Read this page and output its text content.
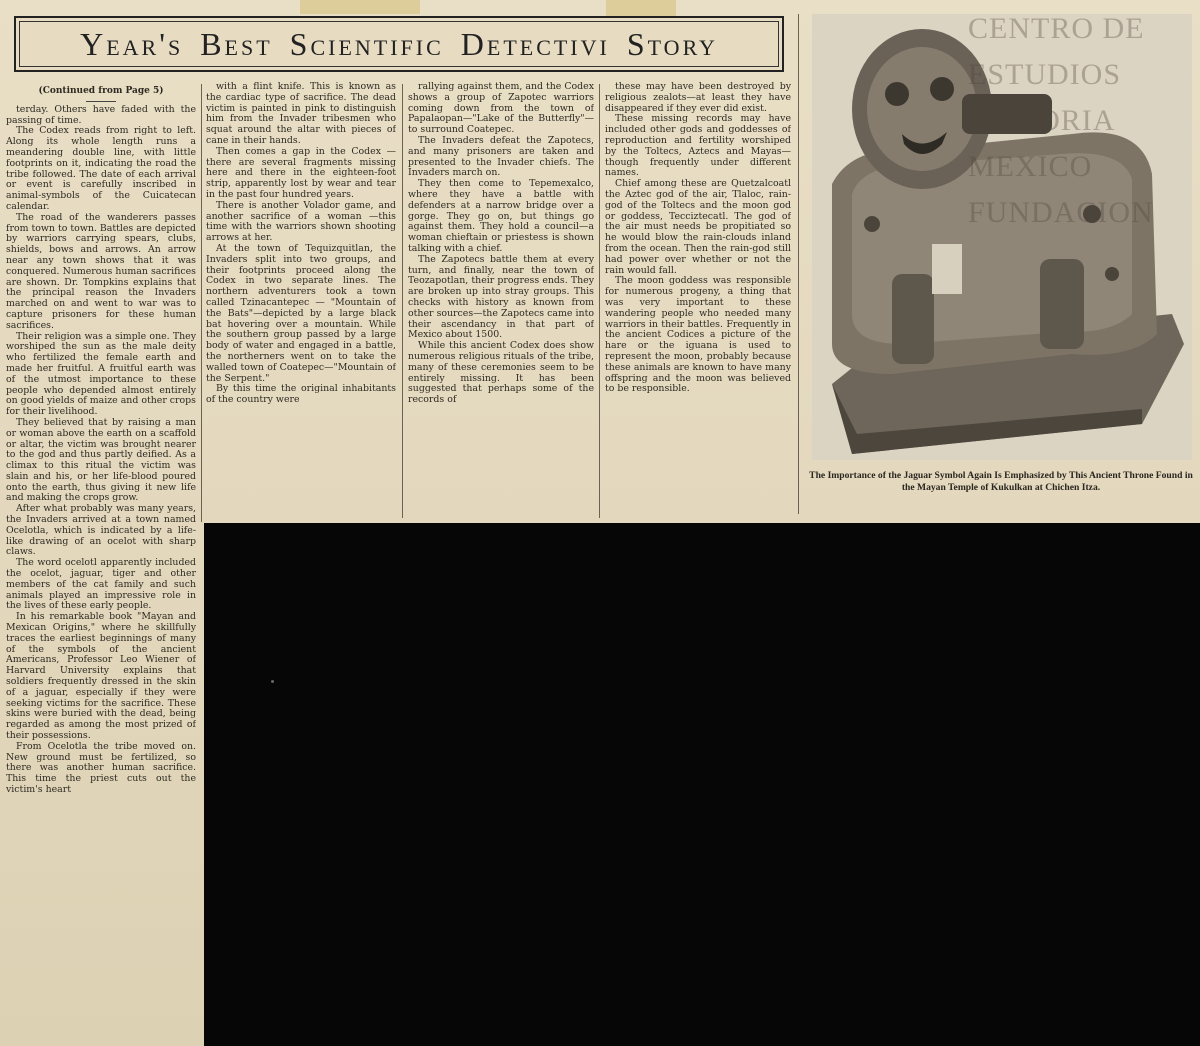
Year's Best Scientific Detectivi Story

(Continued from Page 5)

terday. Others have faded with the passing of time.

The Codex reads from right to left. Along its whole length runs a meandering double line, with little footprints on it, indicating the road the tribe followed. The date of each arrival or event is carefully inscribed in animal-symbols of the Cuicatecan calendar.

The road of the wanderers passes from town to town. Battles are depicted by warriors carrying spears, clubs, shields, bows and arrows. An arrow near any town shows that it was conquered. Numerous human sacrifices are shown. Dr. Tompkins explains that the principal reason the Invaders marched on and went to war was to capture prisoners for these human sacrifices.

Their religion was a simple one. They worshiped the sun as the male deity who fertilized the female earth and made her fruitful. A fruitful earth was of the utmost importance to these people who depended almost entirely on good yields of maize and other crops for their livelihood.

They believed that by raising a man or woman above the earth on a scaffold or altar, the victim was brought nearer to the god and thus partly deified. As a climax to this ritual the victim was slain and his, or her life-blood poured onto the earth, thus giving it new life and making the crops grow.

After what probably was many years, the Invaders arrived at a town named Ocelotla, which is indicated by a life-like drawing of an ocelot with sharp claws.

The word ocelotl apparently included the ocelot, jaguar, tiger and other members of the cat family and such animals played an impressive role in the lives of these early people.

In his remarkable book "Mayan and Mexican Origins," where he skillfully traces the earliest beginnings of many of the symbols of the ancient Americans, Professor Leo Wiener of Harvard University explains that soldiers frequently dressed in the skin of a jaguar, especially if they were seeking victims for the sacrifice. These skins were buried with the dead, being regarded as among the most prized of their possessions.

From Ocelotla the tribe moved on. New ground must be fertilized, so there was another human sacrifice. This time the priest cuts out the victim's heart

with a flint knife. This is known as the cardiac type of sacrifice. The dead victim is painted in pink to distinguish him from the Invader tribesmen who squat around the altar with pieces of cane in their hands.

Then comes a gap in the Codex —there are several fragments missing here and there in the eighteen-foot strip, apparently lost by wear and tear in the past four hundred years.

There is another Volador game, and another sacrifice of a woman —this time with the warriors shown shooting arrows at her.

At the town of Tequizquitlan, the Invaders split into two groups, and their footprints proceed along the Codex in two separate lines. The northern adventurers took a town called Tzinacantepec — "Mountain of the Bats"—depicted by a large black bat hovering over a mountain. While the southern group passed by a large body of water and engaged in a battle, the northerners went on to take the walled town of Coatepec—"Mountain of the Serpent."

By this time the original inhabitants of the country were

rallying against them, and the Codex shows a group of Zapotec warriors coming down from the town of Papalaopan—"Lake of the Butterfly"—to surround Coatepec.

The Invaders defeat the Zapotecs, and many prisoners are taken and presented to the Invader chiefs. The Invaders march on.

They then come to Tepemexalco, where they have a battle with defenders at a narrow bridge over a gorge. They go on, but things go against them. They hold a council—a woman chieftain or priestess is shown talking with a chief.

The Zapotecs battle them at every turn, and finally, near the town of Teozapotlan, their progress ends. They are broken up into stray groups. This checks with history as known from other sources—the Zapotecs came into their ascendancy in that part of Mexico about 1500.

While this ancient Codex does show numerous religious rituals of the tribe, many of these ceremonies seem to be entirely missing. It has been suggested that perhaps some of the records of

these may have been destroyed by religious zealots—at least they have disappeared if they ever did exist.

These missing records may have included other gods and goddesses of reproduction and fertility worshiped by the Toltecs, Aztecs and Mayas—though frequently under different names.

Chief among these are Quetzalcoatl the Aztec god of the air, Tlaloc, rain-god of the Toltecs and the moon god or goddess, Tecciztecatl. The god of the air must needs be propitiated so he would blow the rain-clouds inland from the ocean. Then the rain-god still had power over whether or not the rain would fall.

The moon goddess was responsible for numerous progeny, a thing that was very important to these wandering people who needed many warriors in their battles. Frequently in the ancient Codices a picture of the hare or the iguana is used to represent the moon, probably because these animals are known to have many offspring and the moon was believed to be responsible.

CENTRO DE
ESTUDIOS
HISTORIA
MEXICO
FUNDACION
The Importance of the Jaguar Symbol Again Is Emphasized by This Ancient Throne Found in the Mayan Temple of Kukulkan at Chichen Itza.
